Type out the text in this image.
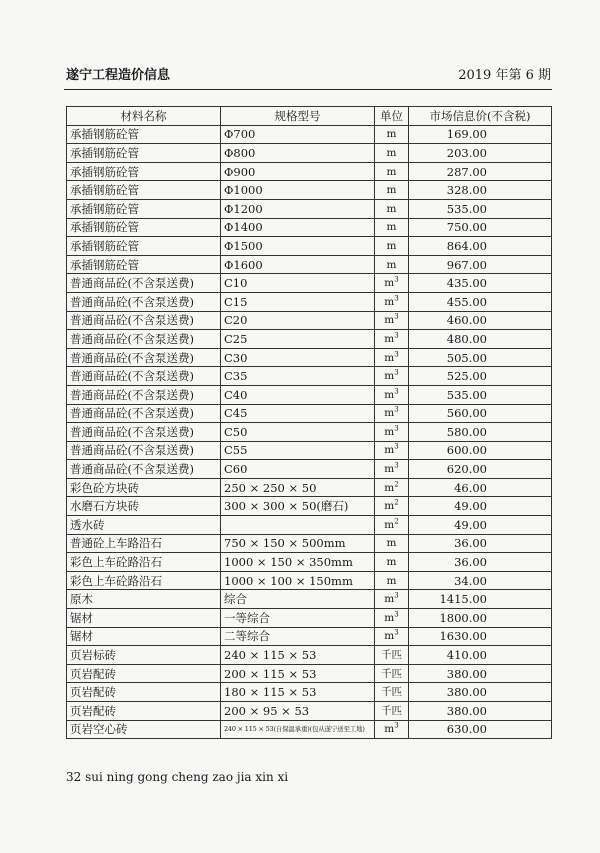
遂宁工程造价信息	2019 年第 6 期
材料名称	规格型号	单位	市场信息价(不含税)
承插钢筋砼管	Φ700	m	169.00
承插钢筋砼管	Φ800	m	203.00
承插钢筋砼管	Φ900	m	287.00
承插钢筋砼管	Φ1000	m	328.00
承插钢筋砼管	Φ1200	m	535.00
承插钢筋砼管	Φ1400	m	750.00
承插钢筋砼管	Φ1500	m	864.00
承插钢筋砼管	Φ1600	m	967.00
普通商品砼(不含泵送费)	C10	$m^3$	435.00
普通商品砼(不含泵送费)	C15	$m^3$	455.00
普通商品砼(不含泵送费)	C20	$m^3$	460.00
普通商品砼(不含泵送费)	C25	$m^3$	480.00
普通商品砼(不含泵送费)	C30	$m^3$	505.00
普通商品砼(不含泵送费)	C35	$m^3$	525.00
普通商品砼(不含泵送费)	C40	$m^3$	535.00
普通商品砼(不含泵送费)	C45	$m^3$	560.00
普通商品砼(不含泵送费)	C50	$m^3$	580.00
普通商品砼(不含泵送费)	C55	$m^3$	600.00
普通商品砼(不含泵送费)	C60	$m^3$	620.00
彩色砼方块砖	250 × 250 × 50	$m^2$	46.00
水磨石方块砖	300 × 300 × 50(磨石)	$m^2$	49.00
透水砖		$m^2$	49.00
普通砼上车路沿石	750 × 150 × 500mm	m	36.00
彩色上车砼路沿石	1000 × 150 × 350mm	m	36.00
彩色上车砼路沿石	1000 × 100 × 150mm	m	34.00
原木	综合	$m^3$	1415.00
锯材	一等综合	$m^3$	1800.00
锯材	二等综合	$m^3$	1630.00
页岩标砖	240 × 115 × 53	千匹	410.00
页岩配砖	200 × 115 × 53	千匹	380.00
页岩配砖	180 × 115 × 53	千匹	380.00
页岩配砖	200 × 95 × 53	千匹	380.00
页岩空心砖	240 × 115 × 53(自保温承重)(包从遂宁送至工地)	$m^3$	630.00
32 sui ning gong cheng zao jia xin xi
